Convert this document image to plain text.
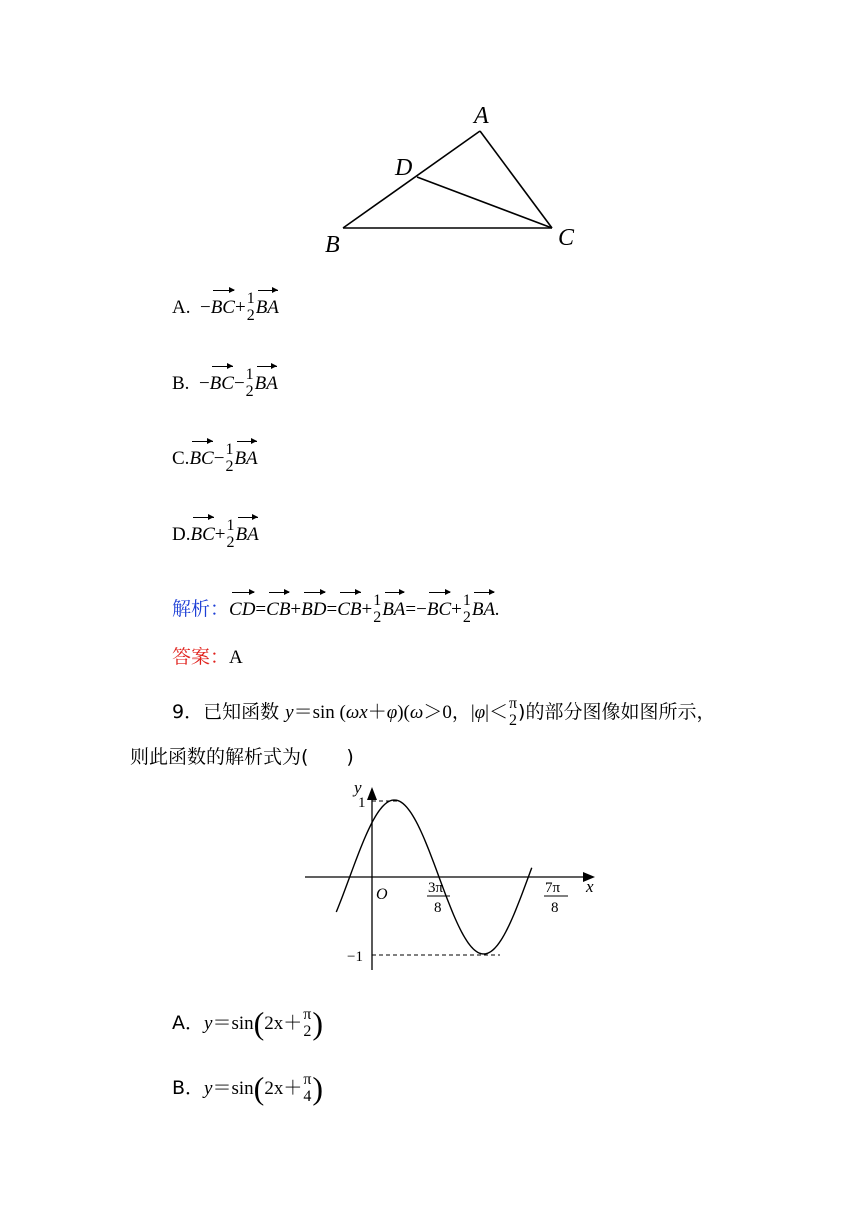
A
D
B	C
A. −BC+ 1
2 BA
B. −BC− 1
2 BA
C.BC− 1
2 BA
D.BC+ 1
2 BA
解析：CD=CB+BD=CB+ 1
2 BA=−BC+ 1
2 BA.
答案：A
9．已知函数 y＝sin (ωx＋φ)(ω＞0，|φ|＜ π
2 )的部分图像如图所示，
则此函数的解析式为(　　)
y
x
O
1
−1
3π
8
7π
8
A．y＝sin(2x＋ π
2 )
B．y＝sin(2x＋ π
4 )
